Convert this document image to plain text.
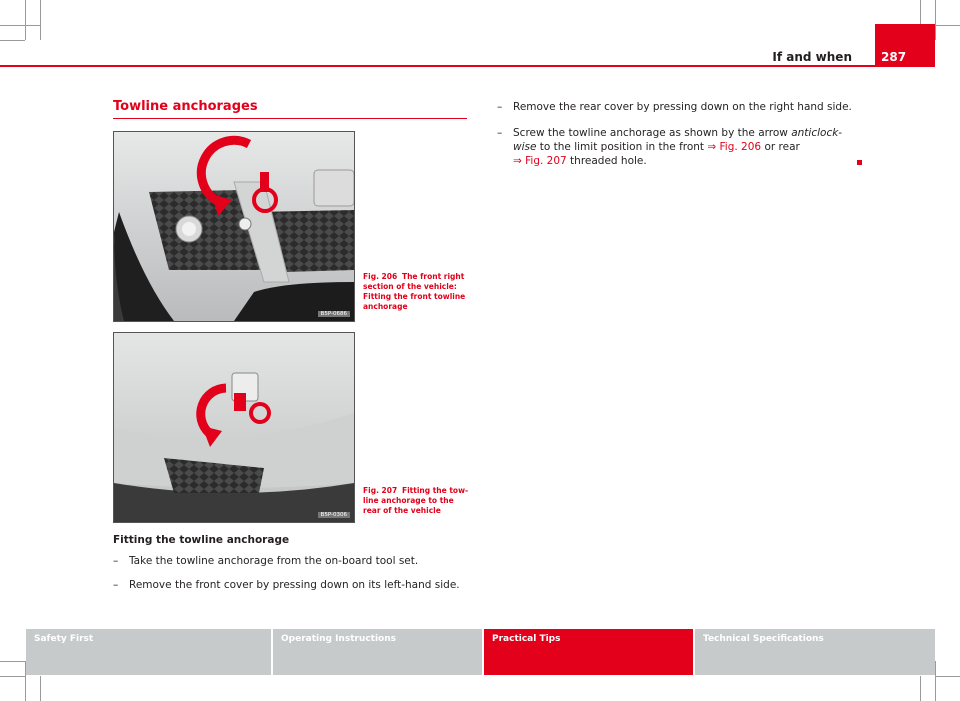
If and when 287
Towline anchorages
B5P-0686
Fig. 206 The front right section of the vehicle: Fitting the front towline anchorage
B5P-0306
Fig. 207 Fitting the tow-line anchorage to the rear of the vehicle
Fitting the towline anchorage
– Take the towline anchorage from the on-board tool set.
– Remove the front cover by pressing down on its left-hand side.
– Remove the rear cover by pressing down on the right hand side.
– Screw the towline anchorage as shown by the arrow anticlock-
wise to the limit position in the front ⇒ Fig. 206 or rear
⇒ Fig. 207 threaded hole.
Safety First	Operating Instructions	Practical Tips	Technical Specifications
